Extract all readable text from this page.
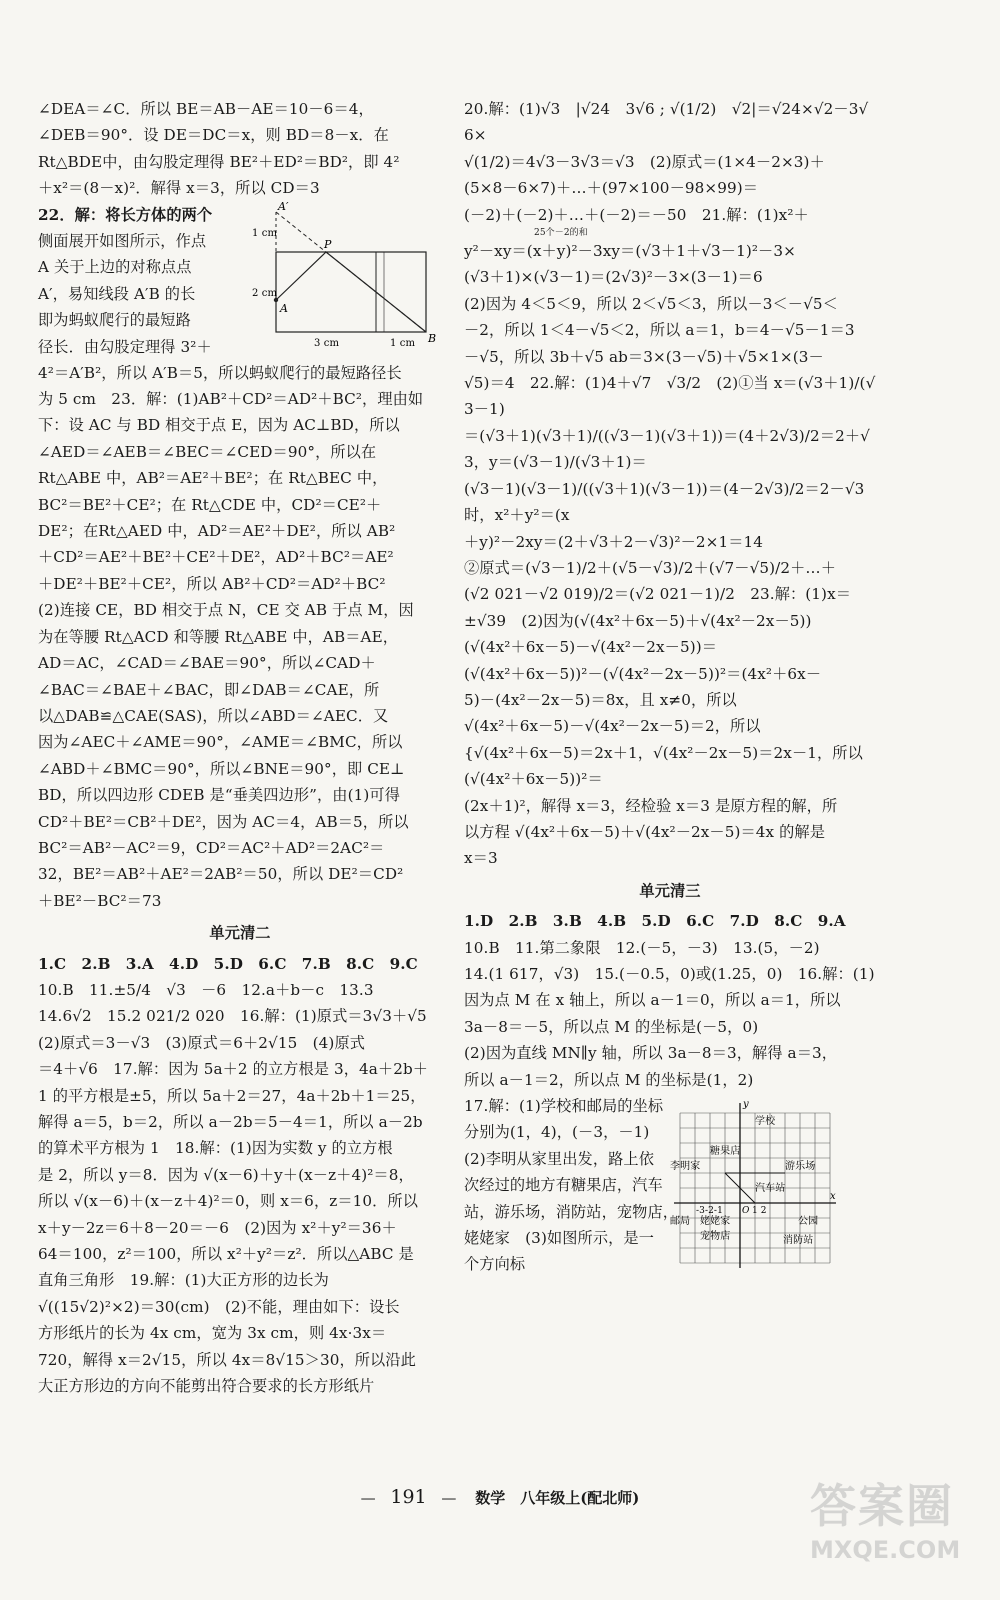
∠DEA＝∠C．所以 BE＝AB－AE＝10－6＝4，

∠DEB＝90°．设 DE＝DC＝x，则 BD＝8－x．在

Rt△BDE中，由勾股定理得 BE²＋ED²＝BD²，即 4²

＋x²＝(8－x)²．解得 x＝3，所以 CD＝3

22．解：将长方体的两个

侧面展开如图所示，作点

A 关于上边的对称点点

A′，易知线段 A′B 的长

即为蚂蚁爬行的最短路

径长．由勾股定理得 3²＋

A′
P
A
B
1 cm
2 cm
3 cm	1 cm

4²＝A′B²，所以 A′B＝5，所以蚂蚁爬行的最短路径长

为 5 cm　23．解：(1)AB²＋CD²＝AD²＋BC²，理由如

下：设 AC 与 BD 相交于点 E，因为 AC⊥BD，所以

∠AED＝∠AEB＝∠BEC＝∠CED＝90°，所以在

Rt△ABE 中，AB²＝AE²＋BE²；在 Rt△BEC 中，

BC²＝BE²＋CE²；在 Rt△CDE 中，CD²＝CE²＋

DE²；在Rt△AED 中，AD²＝AE²＋DE²，所以 AB²

＋CD²＝AE²＋BE²＋CE²＋DE²，AD²＋BC²＝AE²

＋DE²＋BE²＋CE²，所以 AB²＋CD²＝AD²＋BC²

(2)连接 CE，BD 相交于点 N，CE 交 AB 于点 M，因

为在等腰 Rt△ACD 和等腰 Rt△ABE 中，AB＝AE，

AD＝AC，∠CAD＝∠BAE＝90°，所以∠CAD＋

∠BAC＝∠BAE＋∠BAC，即∠DAB＝∠CAE，所

以△DAB≌△CAE(SAS)，所以∠ABD＝∠AEC．又

因为∠AEC＋∠AME＝90°，∠AME＝∠BMC，所以

∠ABD＋∠BMC＝90°，所以∠BNE＝90°，即 CE⊥

BD，所以四边形 CDEB 是“垂美四边形”，由(1)可得

CD²＋BE²＝CB²＋DE²，因为 AC＝4，AB＝5，所以

BC²＝AB²－AC²＝9，CD²＝AC²＋AD²＝2AC²＝

32，BE²＝AB²＋AE²＝2AB²＝50，所以 DE²＝CD²

＋BE²－BC²＝73

单元清二

1.C　2.B　3.A　4.D　5.D　6.C　7.B　8.C　9.C

10.B　11.±5/4　√3　－6　12.a＋b－c　13.3

14.6√2　15.2 021/2 020　16.解：(1)原式＝3√3＋√5

(2)原式＝3－√3　(3)原式＝6＋2√15　(4)原式

＝4＋√6　17.解：因为 5a＋2 的立方根是 3，4a＋2b＋

1 的平方根是±5，所以 5a＋2＝27，4a＋2b＋1＝25，

解得 a＝5，b＝2，所以 a－2b＝5－4＝1，所以 a－2b

的算术平方根为 1　18.解：(1)因为实数 y 的立方根

是 2，所以 y＝8．因为 √(x－6)＋y＋(x－z＋4)²＝8，

所以 √(x－6)＋(x－z＋4)²＝0，则 x＝6，z＝10．所以

x＋y－2z＝6＋8－20＝－6　(2)因为 x²＋y²＝36＋

64＝100，z²＝100，所以 x²＋y²＝z²．所以△ABC 是

直角三角形　19.解：(1)大正方形的边长为

√((15√2)²×2)＝30(cm)　(2)不能，理由如下：设长

方形纸片的长为 4x cm，宽为 3x cm，则 4x·3x＝

720，解得 x＝2√15，所以 4x＝8√15＞30，所以沿此

大正方形边的方向不能剪出符合要求的长方形纸片

20.解：(1)√3　|√24　3√6 ; √(1/2)　√2|＝√24×√2－3√6×

√(1/2)＝4√3－3√3＝√3　(2)原式＝(1×4－2×3)＋

(5×8－6×7)＋…＋(97×100－98×99)＝

(－2)＋(－2)＋…＋(－2)＝－50　21.解：(1)x²＋

25个－2的和

y²－xy＝(x＋y)²－3xy＝(√3＋1＋√3－1)²－3×

(√3＋1)×(√3－1)＝(2√3)²－3×(3－1)＝6

(2)因为 4＜5＜9，所以 2＜√5＜3，所以－3＜－√5＜

－2，所以 1＜4－√5＜2，所以 a＝1，b＝4－√5－1＝3

－√5，所以 3b＋√5 ab＝3×(3－√5)＋√5×1×(3－

√5)＝4　22.解：(1)4＋√7　√3/2　(2)①当 x＝(√3＋1)/(√3－1)

＝(√3＋1)(√3＋1)/((√3－1)(√3＋1))＝(4＋2√3)/2＝2＋√3，y＝(√3－1)/(√3＋1)＝

(√3－1)(√3－1)/((√3＋1)(√3－1))＝(4－2√3)/2＝2－√3时，x²＋y²＝(x

＋y)²－2xy＝(2＋√3＋2－√3)²－2×1＝14

②原式＝(√3－1)/2＋(√5－√3)/2＋(√7－√5)/2＋…＋

(√2 021－√2 019)/2＝(√2 021－1)/2　23.解：(1)x＝

±√39　(2)因为(√(4x²＋6x－5)＋√(4x²－2x－5))

(√(4x²＋6x－5)－√(4x²－2x－5))＝

(√(4x²＋6x－5))²－(√(4x²－2x－5))²＝(4x²＋6x－

5)－(4x²－2x－5)＝8x，且 x≠0，所以

√(4x²＋6x－5)－√(4x²－2x－5)＝2，所以

{√(4x²＋6x－5)＝2x＋1，√(4x²－2x－5)＝2x－1，所以(√(4x²＋6x－5))²＝

(2x＋1)²，解得 x＝3，经检验 x＝3 是原方程的解，所

以方程 √(4x²＋6x－5)＋√(4x²－2x－5)＝4x 的解是

x＝3

单元清三

1.D　2.B　3.B　4.B　5.D　6.C　7.D　8.C　9.A

10.B　11.第二象限　12.(－5，－3)　13.(5，－2)

14.(1 617，√3)　15.(－0.5，0)或(1.25，0)　16.解：(1)

因为点 M 在 x 轴上，所以 a－1＝0，所以 a＝1，所以

3a－8＝－5，所以点 M 的坐标是(－5，0)

(2)因为直线 MN∥y 轴，所以 3a－8＝3，解得 a＝3，

所以 a－1＝2，所以点 M 的坐标是(1，2)

17.解：(1)学校和邮局的坐标

分别为(1，4)，(－3，－1)

(2)李明从家里出发，路上依

次经过的地方有糖果店，汽车

站，游乐场，消防站，宠物店，

姥姥家　(3)如图所示，是一

个方向标

y
x
学校
糖果店
李明家	游乐场
汽车站
邮局 姥姥家
宠物店
公园
消防站
O
-3-2-1	1 2
— 191 — 数学　八年级上(配北师)	答案圈
MXQE.COM
